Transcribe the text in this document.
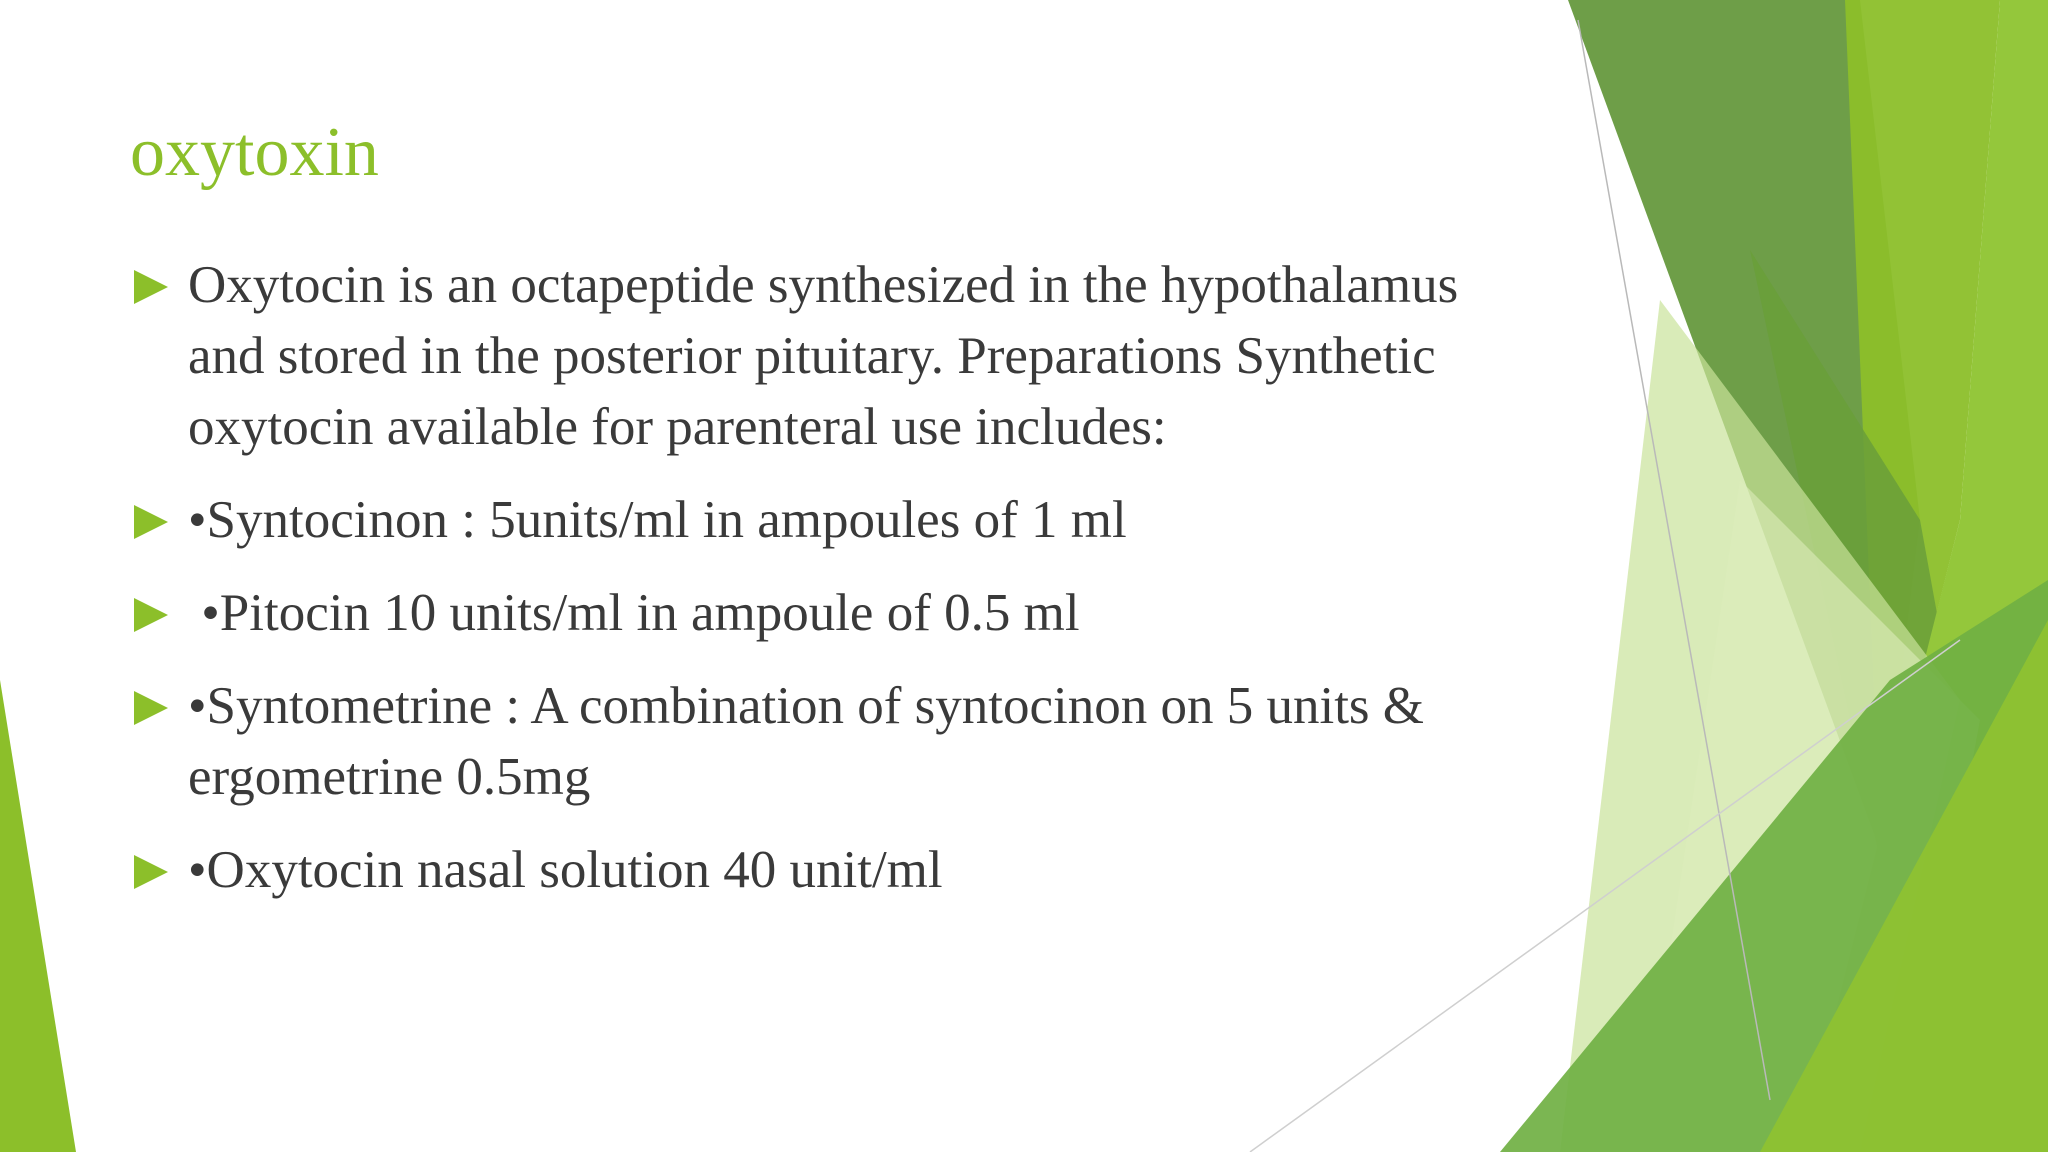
oxytoxin
Oxytocin is an octapeptide synthesized in the hypothalamus and stored in the posterior pituitary. Preparations Synthetic oxytocin available for parenteral use includes:
•Syntocinon : 5units/ml in ampoules of 1 ml
•Pitocin 10 units/ml in ampoule of 0.5 ml
•Syntometrine : A combination of syntocinon on 5 units & ergometrine 0.5mg
•Oxytocin nasal solution 40 unit/ml
